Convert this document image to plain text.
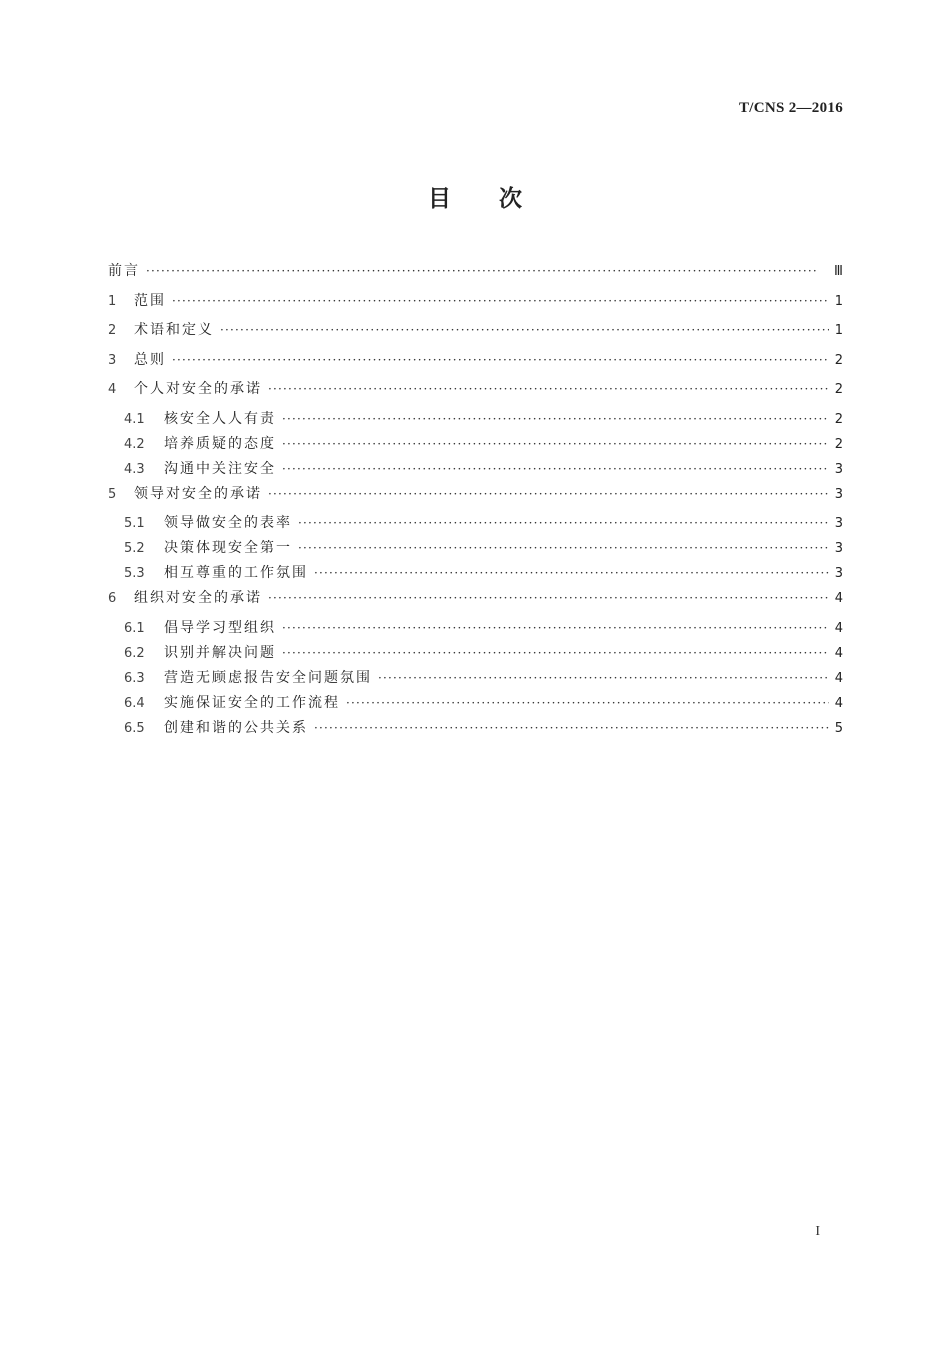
T/CNS 2—2016
目次
前言 ·····	Ⅲ
1	范围 ·····	1
2	术语和定义 ·····	1
3	总则 ·····	2
4	个人对安全的承诺 ·····	2
4.1	核安全人人有责 ·····	2
4.2	培养质疑的态度 ·····	2
4.3	沟通中关注安全 ·····	3
5	领导对安全的承诺 ·····	3
5.1	领导做安全的表率 ·····	3
5.2	决策体现安全第一 ·····	3
5.3	相互尊重的工作氛围 ·····	3
6	组织对安全的承诺 ·····	4
6.1	倡导学习型组织 ·····	4
6.2	识别并解决问题 ·····	4
6.3	营造无顾虑报告安全问题氛围 ·····	4
6.4	实施保证安全的工作流程 ·····	4
6.5	创建和谐的公共关系 ·····	5
I
